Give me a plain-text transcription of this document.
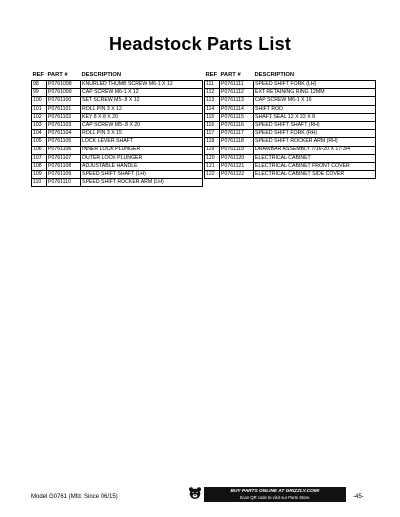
Headstock Parts List
REF	PART #	DESCRIPTION
98	P0761098	KNURLED THUMB SCREW M6-1 X 12
99	P0761099	CAP SCREW M6-1 X 12
100	P0761100	SET SCREW M5-.8 X 12
101	P0761101	ROLL PIN 3 X 12
102	P0761102	KEY 8 X 8 X 20
103	P0761103	CAP SCREW M5-.8 X 20
104	P0761104	ROLL PIN 3 X 15
105	P0761105	LOCK LEVER SHAFT
106	P0761106	INNER LOCK PLUNGER
107	P0761107	OUTER LOCK PLUNGER
108	P0761108	ADJUSTABLE HANDLE
109	P0761109	SPEED SHIFT SHAFT (LH)
110	P0761110	SPEED SHIFT ROCKER ARM (LH)
REF	PART #	DESCRIPTION
111	P0761111	SPEED SHIFT FORK (LH)
112	P0761112	EXT RETAINING RING 12MM
113	P0761113	CAP SCREW M6-1 X 16
114	P0761114	SHIFT ROD
115	P0761115	SHAFT SEAL 12 X 22 X 8
116	P0761116	SPEED SHIFT SHAFT (RH)
117	P0761117	SPEED SHIFT FORK (RH)
118	P0761118	SPEED SHIFT ROCKER ARM (RH)
119	P0761119	DRAWBAR ASSEMBLY 7/16-20 X 17-3/4
120	P0761120	ELECTRICAL CABINET
121	P0761121	ELECTRICAL CABINET FRONT COVER
122	P0761122	ELECTRICAL CABINET SIDE COVER
Model G0761 (Mfd. Since 06/15)
BUY PARTS ONLINE AT GRIZZLY.COM!
Scan QR code to visit our Parts Store.	-45-
